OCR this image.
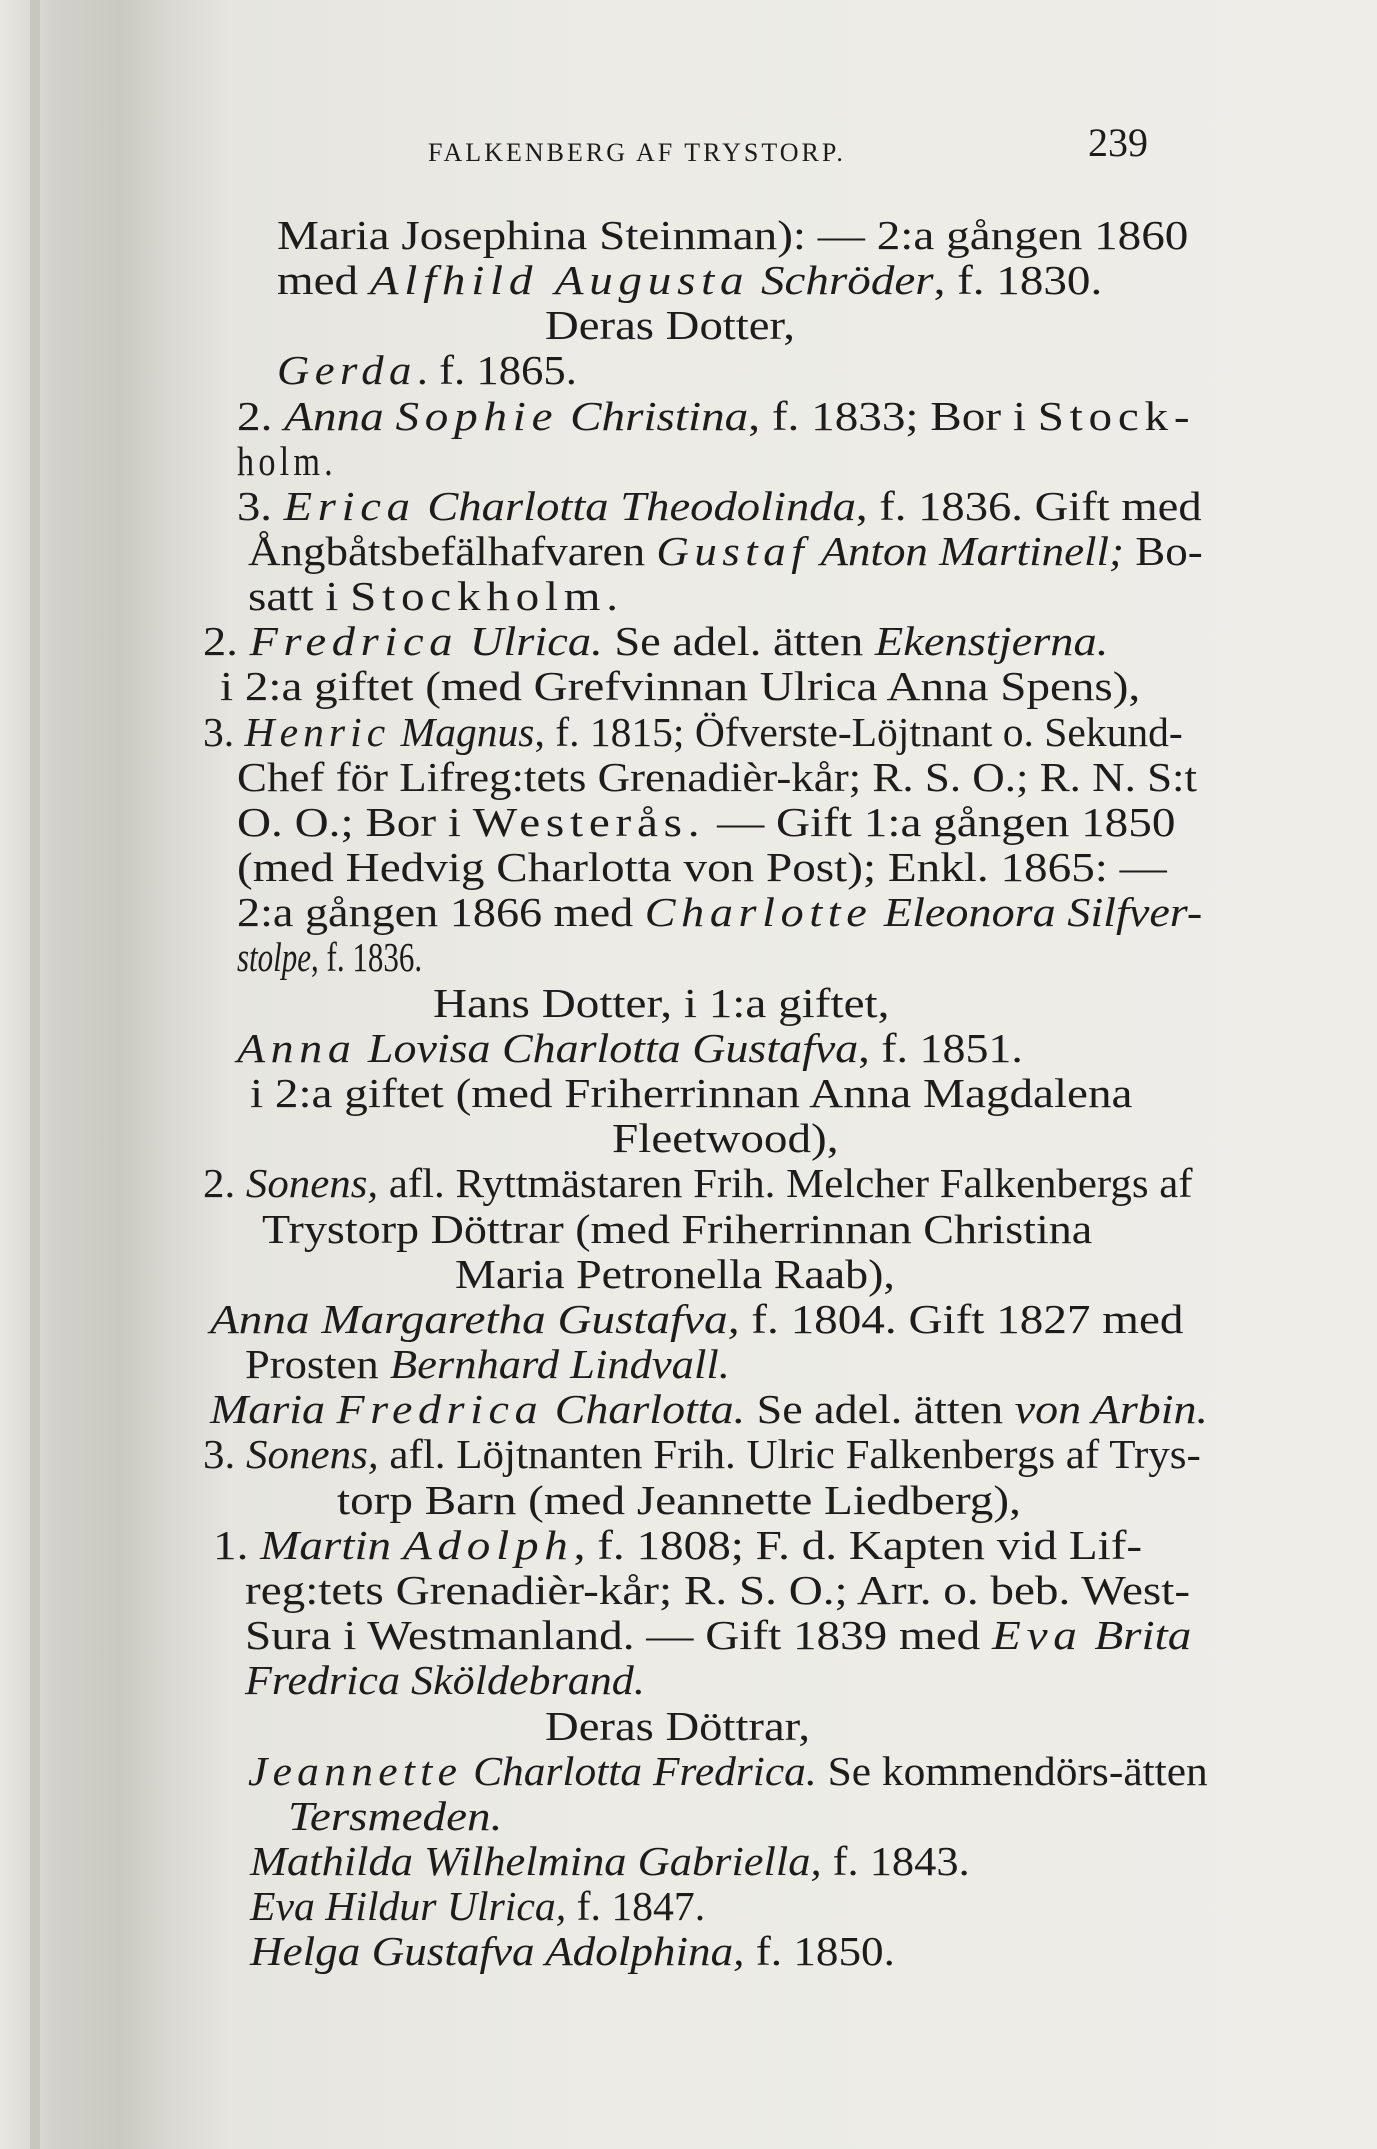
FALKENBERG AF TRYSTORP.	239
Maria Josephina Steinman): — 2:a gången 1860
med Alfhild Augusta Schröder, f. 1830.
Deras Dotter,
Gerda. f. 1865.
2. Anna Sophie Christina, f. 1833; Bor i Stock-
holm.
3. Erica Charlotta Theodolinda, f. 1836. Gift med
Ångbåtsbefälhafvaren Gustaf Anton Martinell; Bo-
satt i Stockholm.
2. Fredrica Ulrica. Se adel. ätten Ekenstjerna.
i 2:a giftet (med Grefvinnan Ulrica Anna Spens),
3. Henric Magnus, f. 1815; Öfverste-Löjtnant o. Sekund-
Chef för Lifreg:tets Grenadièr-kår; R. S. O.; R. N. S:t
O. O.; Bor i Westerås. — Gift 1:a gången 1850
(med Hedvig Charlotta von Post); Enkl. 1865: —
2:a gången 1866 med Charlotte Eleonora Silfver-
stolpe, f. 1836.
Hans Dotter, i 1:a giftet,
Anna Lovisa Charlotta Gustafva, f. 1851.
i 2:a giftet (med Friherrinnan Anna Magdalena
Fleetwood),
2. Sonens, afl. Ryttmästaren Frih. Melcher Falkenbergs af
Trystorp Döttrar (med Friherrinnan Christina
Maria Petronella Raab),
Anna Margaretha Gustafva, f. 1804. Gift 1827 med
Prosten Bernhard Lindvall.
Maria Fredrica Charlotta. Se adel. ätten von Arbin.
3. Sonens, afl. Löjtnanten Frih. Ulric Falkenbergs af Trys-
torp Barn (med Jeannette Liedberg),
1. Martin Adolph, f. 1808; F. d. Kapten vid Lif-
reg:tets Grenadièr-kår; R. S. O.; Arr. o. beb. West-
Sura i Westmanland. — Gift 1839 med Eva Brita
Fredrica Sköldebrand.
Deras Döttrar,
Jeannette Charlotta Fredrica. Se kommendörs-ätten
Tersmeden.
Mathilda Wilhelmina Gabriella, f. 1843.
Eva Hildur Ulrica, f. 1847.
Helga Gustafva Adolphina, f. 1850.
